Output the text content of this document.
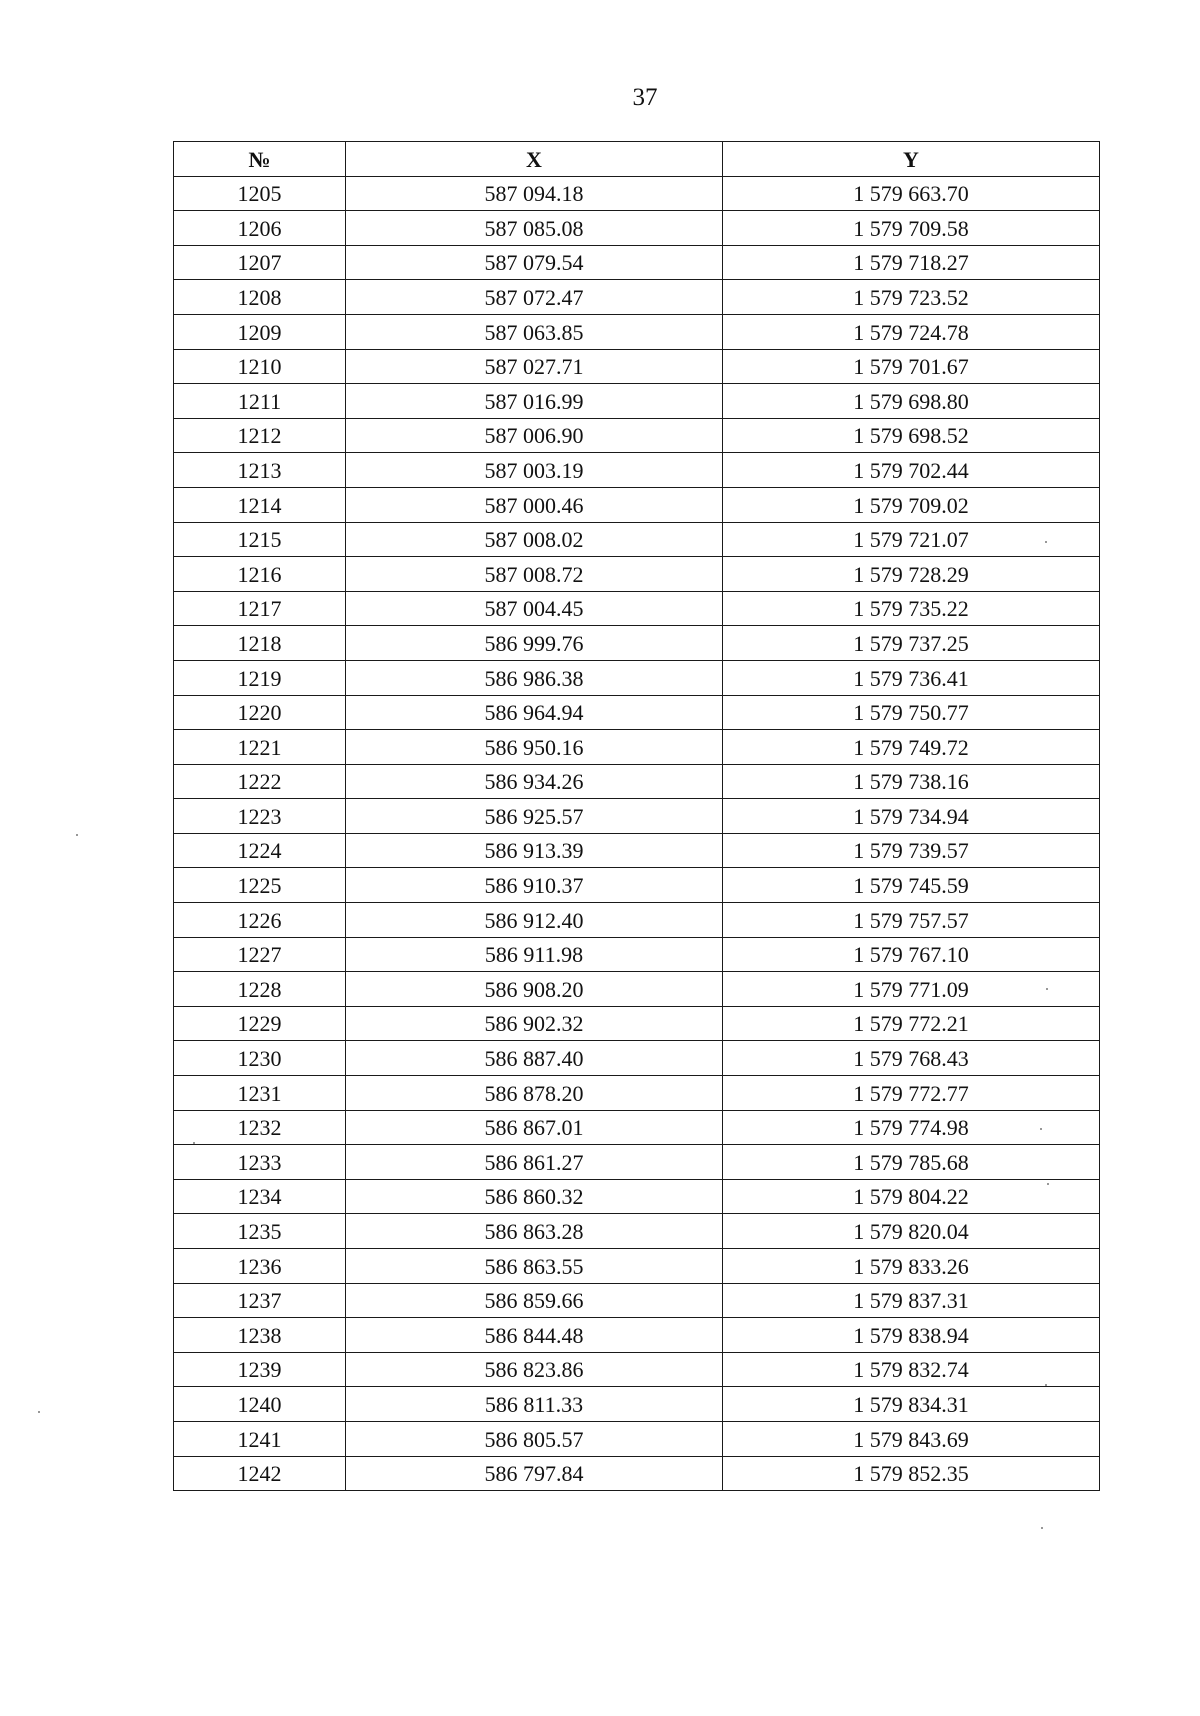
37
№	X	Y
1205	587 094.18	1 579 663.70
1206	587 085.08	1 579 709.58
1207	587 079.54	1 579 718.27
1208	587 072.47	1 579 723.52
1209	587 063.85	1 579 724.78
1210	587 027.71	1 579 701.67
1211	587 016.99	1 579 698.80
1212	587 006.90	1 579 698.52
1213	587 003.19	1 579 702.44
1214	587 000.46	1 579 709.02
1215	587 008.02	1 579 721.07
1216	587 008.72	1 579 728.29
1217	587 004.45	1 579 735.22
1218	586 999.76	1 579 737.25
1219	586 986.38	1 579 736.41
1220	586 964.94	1 579 750.77
1221	586 950.16	1 579 749.72
1222	586 934.26	1 579 738.16
1223	586 925.57	1 579 734.94
1224	586 913.39	1 579 739.57
1225	586 910.37	1 579 745.59
1226	586 912.40	1 579 757.57
1227	586 911.98	1 579 767.10
1228	586 908.20	1 579 771.09
1229	586 902.32	1 579 772.21
1230	586 887.40	1 579 768.43
1231	586 878.20	1 579 772.77
1232	586 867.01	1 579 774.98
1233	586 861.27	1 579 785.68
1234	586 860.32	1 579 804.22
1235	586 863.28	1 579 820.04
1236	586 863.55	1 579 833.26
1237	586 859.66	1 579 837.31
1238	586 844.48	1 579 838.94
1239	586 823.86	1 579 832.74
1240	586 811.33	1 579 834.31
1241	586 805.57	1 579 843.69
1242	586 797.84	1 579 852.35
